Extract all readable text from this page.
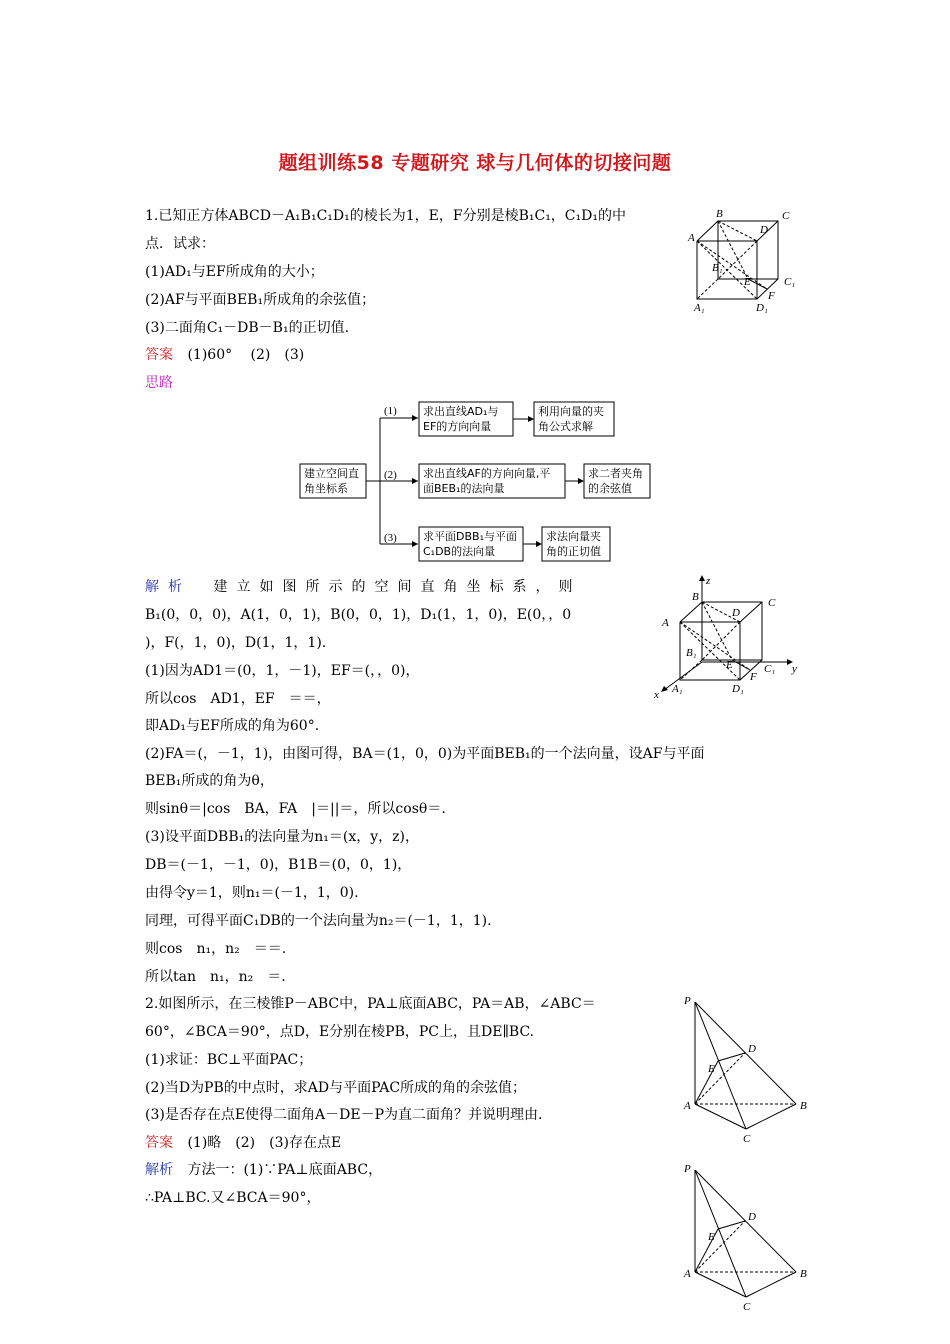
题组训练58 专题研究 球与几何体的切接问题
1.已知正方体ABCD－A₁B₁C₁D₁的棱长为1，E，F分别是棱B₁C₁，C₁D₁的中
点．试求：
(1)AD₁与EF所成角的大小；
(2)AF与平面BEB₁所成角的余弦值；
(3)二面角C₁－DB－B₁的正切值.
答案 (1)60°　 (2)　(3)
思路
B	C
A
D
B₁
E	C₁
F
A₁	D₁
建立空间直角坐标系
(1)
(2)
(3)
求出直线AD₁与EF的方向向量
利用向量的夹角公式求解
求出直线AF的方向向量,平面BEB₁的法向量
求二者夹角的余弦值
求平面DBB₁与平面C₁DB的法向量
求法向量夹角的正切值
解析 建立如图所示的空间直角坐标系，则
B₁(0，0，0)，A(1，0，1)，B(0，0，1)，D₁(1，1，0)，E(0，，0
)，F(，1，0)，D(1，1，1).
(1)因为AD1＝(0，1，－1)，EF＝(，，0)，
所以cos　AD1，EF　＝＝，
即AD₁与EF所成的角为60°．
(2)FA＝(，－1，1)，由图可得，BA＝(1，0，0)为平面BEB₁的一个法向量，设AF与平面
BEB₁所成的角为θ，
则sinθ＝|cos　BA，FA　|＝||＝，所以cosθ＝.
(3)设平面DBB₁的法向量为n₁＝(x，y，z)，
DB＝(－1，－1，0)，B1B＝(0，0，1)，
由得令y＝1，则n₁＝(－1，1，0).
同理，可得平面C₁DB的一个法向量为n₂＝(－1，1，1).
则cos　n₁，n₂　＝＝.
所以tan　n₁，n₂　＝.
z
B	C
A
D
B₁
E	C₁ y
F
A₁	D₁
x
2.如图所示，在三棱锥P－ABC中，PA⊥底面ABC，PA＝AB，∠ABC＝
60°，∠BCA＝90°，点D，E分别在棱PB，PC上，且DE∥BC.
(1)求证：BC⊥平面PAC；
(2)当D为PB的中点时，求AD与平面PAC所成的角的余弦值；
(3)是否存在点E使得二面角A－DE－P为直二面角？并说明理由.
答案 (1)略　(2)　(3)存在点E
解析 方法一：(1)∵PA⊥底面ABC，
∴PA⊥BC.又∠BCA＝90°，
P
D
E
A	B
C
P
D
E
A	B
C
